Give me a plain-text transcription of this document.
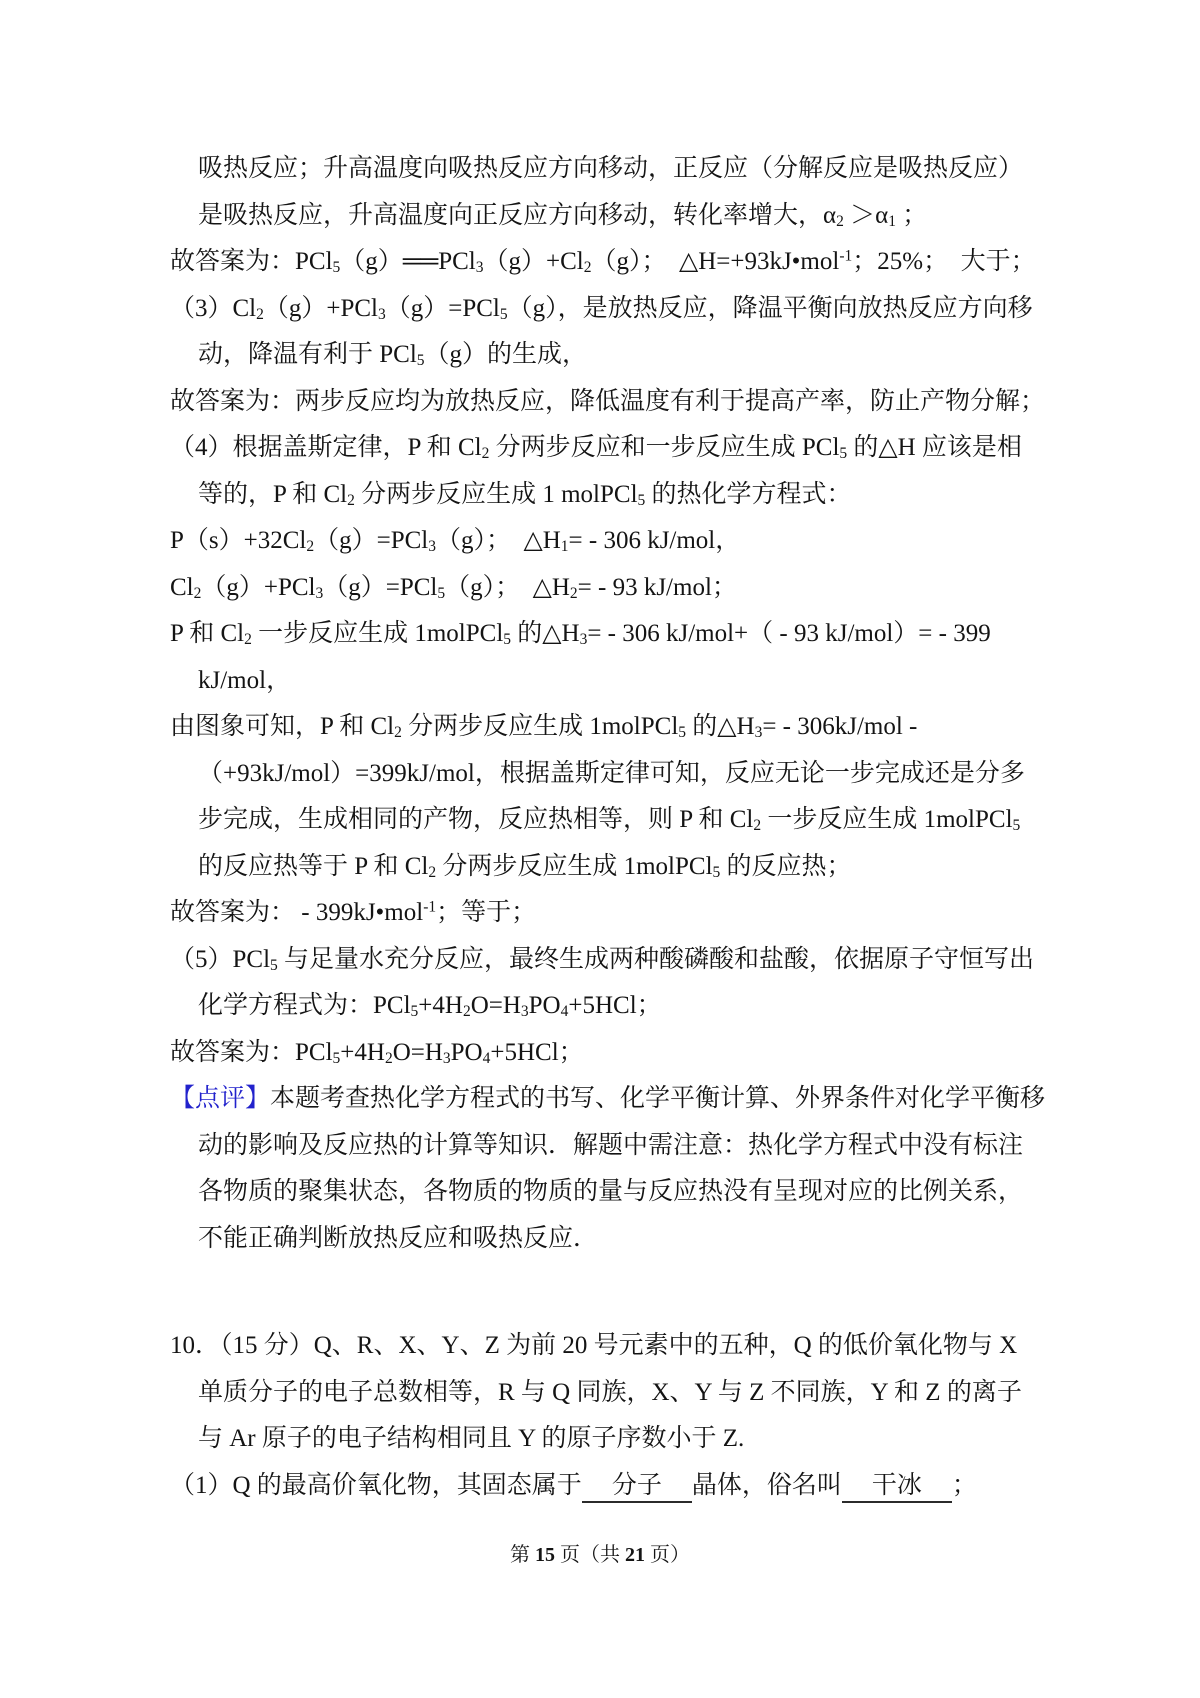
吸热反应；升高温度向吸热反应方向移动，正反应（分解反应是吸热反应）
是吸热反应，升高温度向正反应方向移动，转化率增大，$\alpha_2 >\alpha_1$ ；
故答案为：$PCl_5(g)══PCl_3(g)+Cl_2(g)$；　△H=+93kJ•mol$^{-1}$；25%；　大于；
$(3)Cl_2(g)+PCl_3(g)=PCl_5(g)$，是放热反应，降温平衡向放热反应方向移
动，降温有利于 PCl$_5$（g）的生成，
故答案为：两步反应均为放热反应，降低温度有利于提高产率，防止产物分解；
（4）根据盖斯定律，P 和 $Cl_2$ 分两步反应和一步反应生成 PCl$_5$ 的△H 应该是相
等的，P 和 $Cl_2$ 分两步反应生成 1 molPCl$_5$ 的热化学方程式：
$P(s)+32Cl_2(g)=PCl_3(g)$；　$\triangle H_1= - 306$ kJ/mol，
$Cl_2(g)+PCl_3(g)=PCl_5(g)$；　$\triangle H_2= - 93$ kJ/mol；
P 和 $Cl_2$ 一步反应生成 1molPCl$_5$ 的$\triangle H_3= - 306$ kJ/mol+（ - 93 kJ/mol）= - 399
kJ/mol，
由图象可知，P 和 $Cl_2$ 分两步反应生成 1molPCl$_5$ 的$\triangle H_3= - 306kJ/mol$ -
（+93kJ/mol）=399kJ/mol，根据盖斯定律可知，反应无论一步完成还是分多
步完成，生成相同的产物，反应热相等，则 P 和 $Cl_2$ 一步反应生成 1molPCl$_5$
的反应热等于 P 和 $Cl_2$ 分两步反应生成 1molPCl$_5$ 的反应热；
故答案为： - 399kJ•mol$^{-1}$；等于；
（5）PCl$_5$ 与足量水充分反应，最终生成两种酸磷酸和盐酸，依据原子守恒写出
化学方程式为：$PCl_5+4H_2O=H_3PO_4+5HCl$；
故答案为：$PCl_5+4H_2O=H_3PO_4+5HCl$；
【点评】本题考查热化学方程式的书写、化学平衡计算、外界条件对化学平衡移
动的影响及反应热的计算等知识．解题中需注意：热化学方程式中没有标注
各物质的聚集状态，各物质的物质的量与反应热没有呈现对应的比例关系，
不能正确判断放热反应和吸热反应．
10．（15 分）Q、R、X、Y、Z 为前 20 号元素中的五种，Q 的低价氧化物与 X
单质分子的电子总数相等，R 与 Q 同族，X、Y 与 Z 不同族，Y 和 Z 的离子
与 Ar 原子的电子结构相同且 Y 的原子序数小于 Z.
（1）Q 的最高价氧化物，其固态属于 分子 晶体，俗名叫 干冰 ；
第 15 页（共 21 页）
